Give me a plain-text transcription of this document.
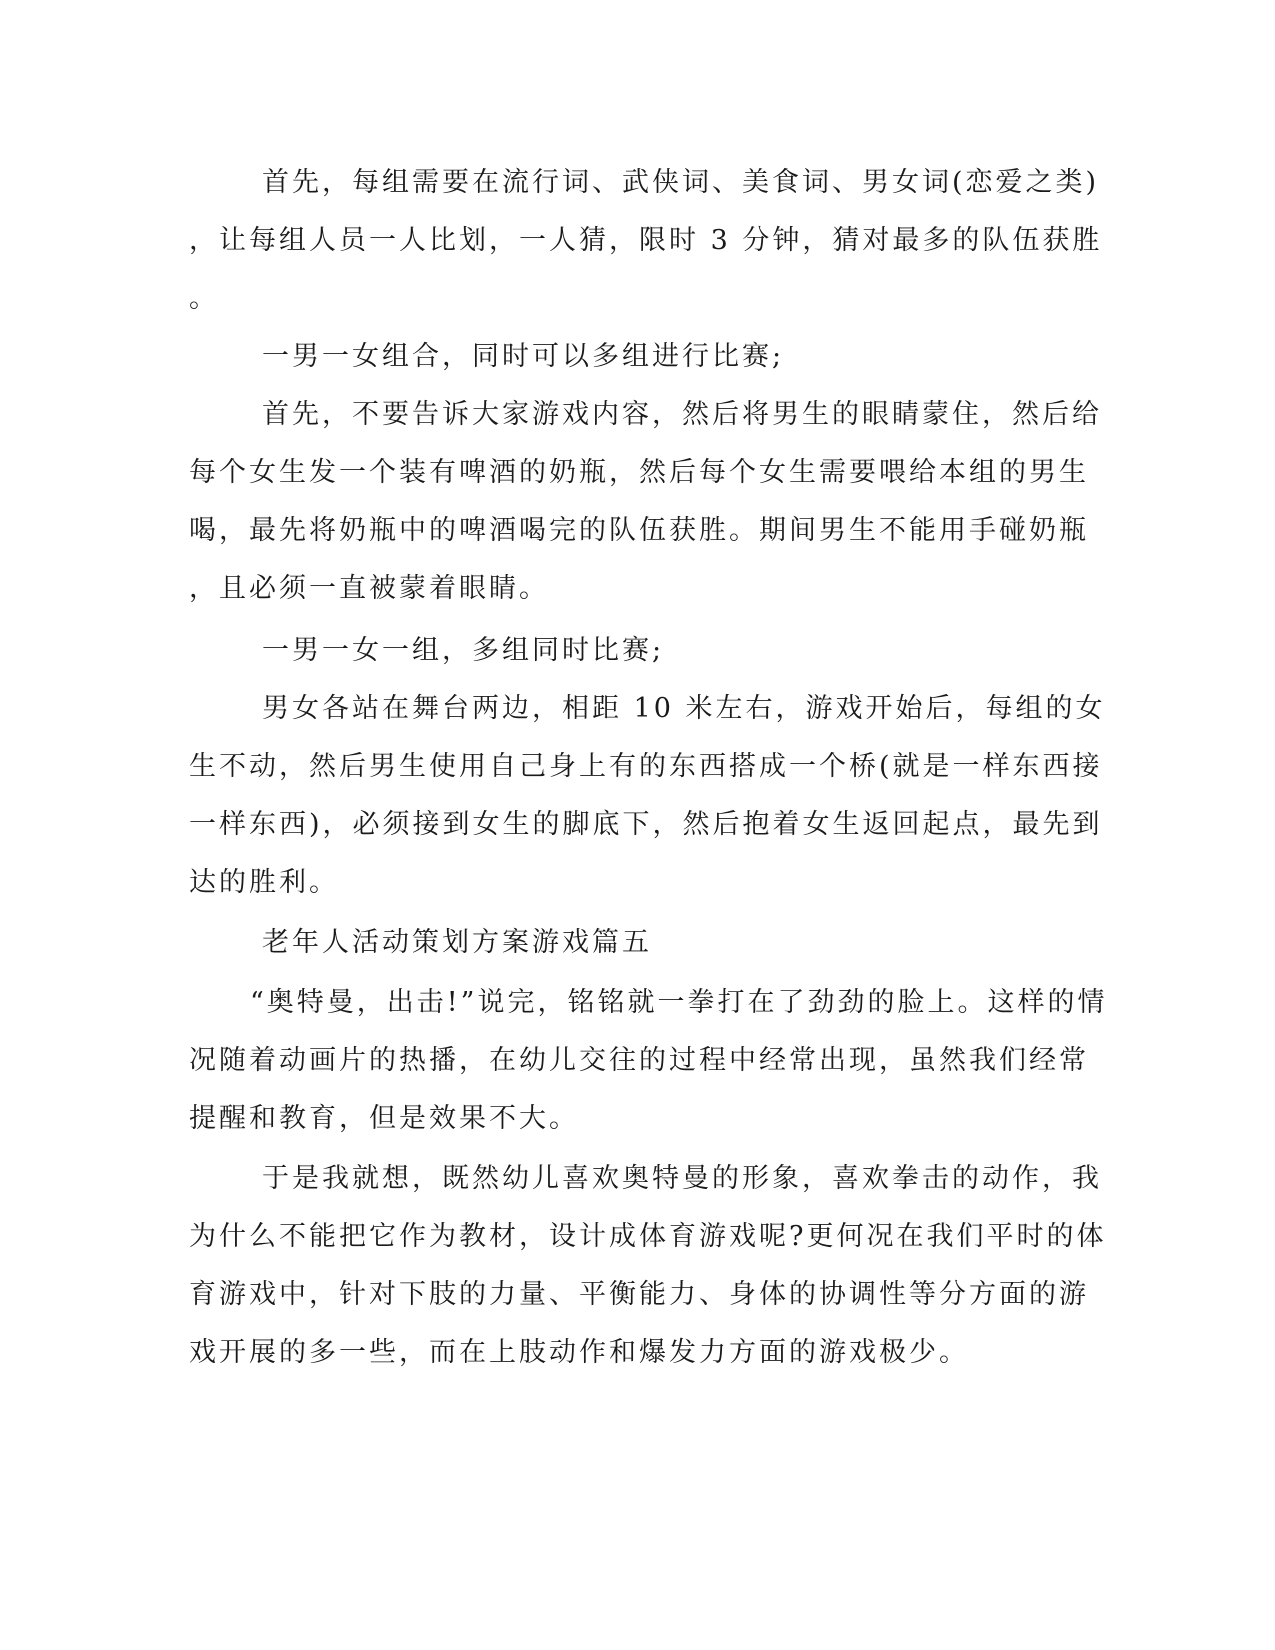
首先，每组需要在流行词、武侠词、美食词、男女词(恋爱之类)
，让每组人员一人比划，一人猜，限时 3 分钟，猜对最多的队伍获胜
。
一男一女组合，同时可以多组进行比赛;
首先，不要告诉大家游戏内容，然后将男生的眼睛蒙住，然后给
每个女生发一个装有啤酒的奶瓶，然后每个女生需要喂给本组的男生
喝，最先将奶瓶中的啤酒喝完的队伍获胜。期间男生不能用手碰奶瓶
，且必须一直被蒙着眼睛。
一男一女一组，多组同时比赛;
男女各站在舞台两边，相距 10 米左右，游戏开始后，每组的女
生不动，然后男生使用自己身上有的东西搭成一个桥(就是一样东西接
一样东西)，必须接到女生的脚底下，然后抱着女生返回起点，最先到
达的胜利。
老年人活动策划方案游戏篇五
“奥特曼，出击!”说完，铭铭就一拳打在了劲劲的脸上。这样的情
况随着动画片的热播，在幼儿交往的过程中经常出现，虽然我们经常
提醒和教育，但是效果不大。
于是我就想，既然幼儿喜欢奥特曼的形象，喜欢拳击的动作，我
为什么不能把它作为教材，设计成体育游戏呢?更何况在我们平时的体
育游戏中，针对下肢的力量、平衡能力、身体的协调性等分方面的游
戏开展的多一些，而在上肢动作和爆发力方面的游戏极少。
